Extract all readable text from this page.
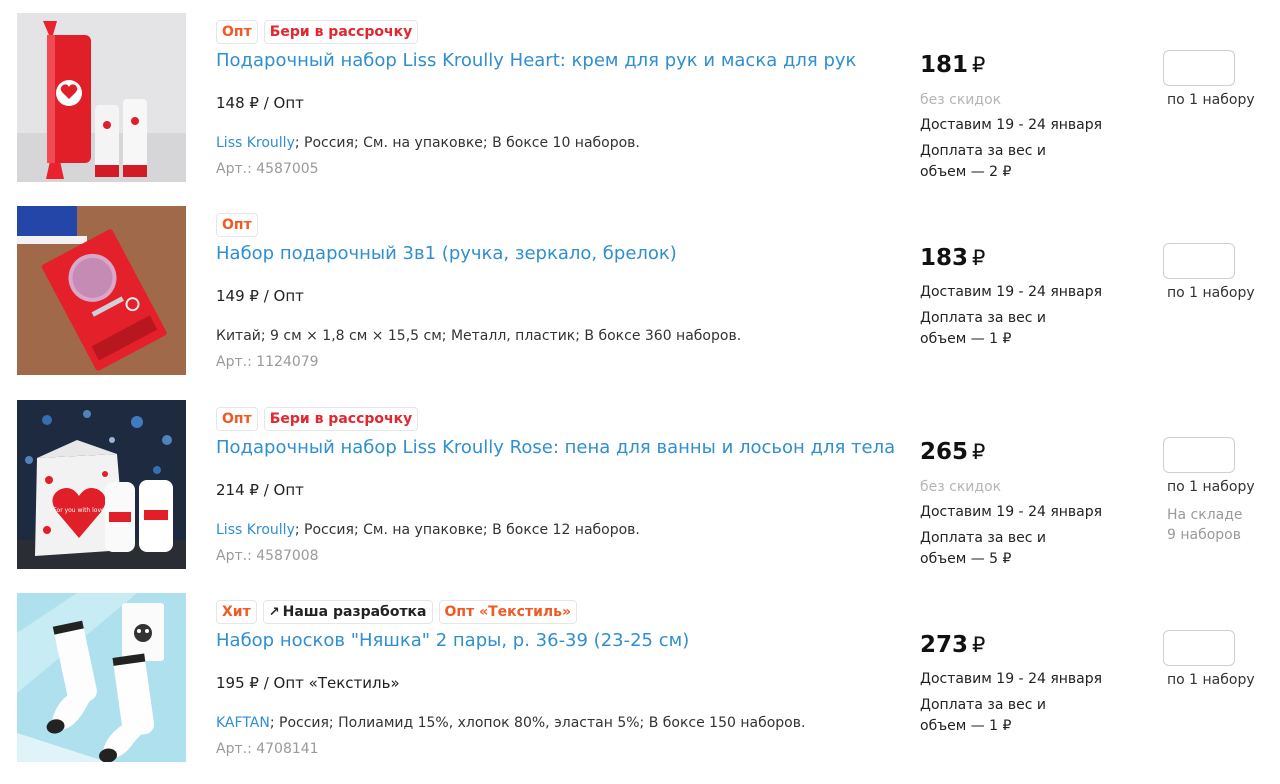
Опт	Бери в рассрочку
Подарочный набор Liss Kroully Heart: крем для рук и маска для рук
148 ₽ / Опт
Liss Kroully; Россия; См. на упаковке; В боксе 10 наборов.
Арт.: 4587005
181 ₽
без скидок
Доставим 19 - 24 января
Доплата за вес и
объем — 2 ₽
по 1 набору
Опт
Набор подарочный 3в1 (ручка, зеркало, брелок)
149 ₽ / Опт
Китай; 9 см × 1,8 см × 15,5 см; Металл, пластик; В боксе 360 наборов.
Арт.: 1124079
183 ₽
Доставим 19 - 24 января
Доплата за вес и
объем — 1 ₽
по 1 набору
For you with love
Опт	Бери в рассрочку
Подарочный набор Liss Kroully Rose: пена для ванны и лосьон для тела
214 ₽ / Опт
Liss Kroully; Россия; См. на упаковке; В боксе 12 наборов.
Арт.: 4587008
265 ₽
без скидок
Доставим 19 - 24 января
Доплата за вес и
объем — 5 ₽
по 1 набору
На складе
9 наборов
Хит	↗ Наша разработка	Опт «Текстиль»
Набор носков "Няшка" 2 пары, р. 36-39 (23-25 см)
195 ₽ / Опт «Текстиль»
KAFTAN; Россия; Полиамид 15%, хлопок 80%, эластан 5%; В боксе 150 наборов.
Арт.: 4708141
273 ₽
Доставим 19 - 24 января
Доплата за вес и
объем — 1 ₽
по 1 набору
